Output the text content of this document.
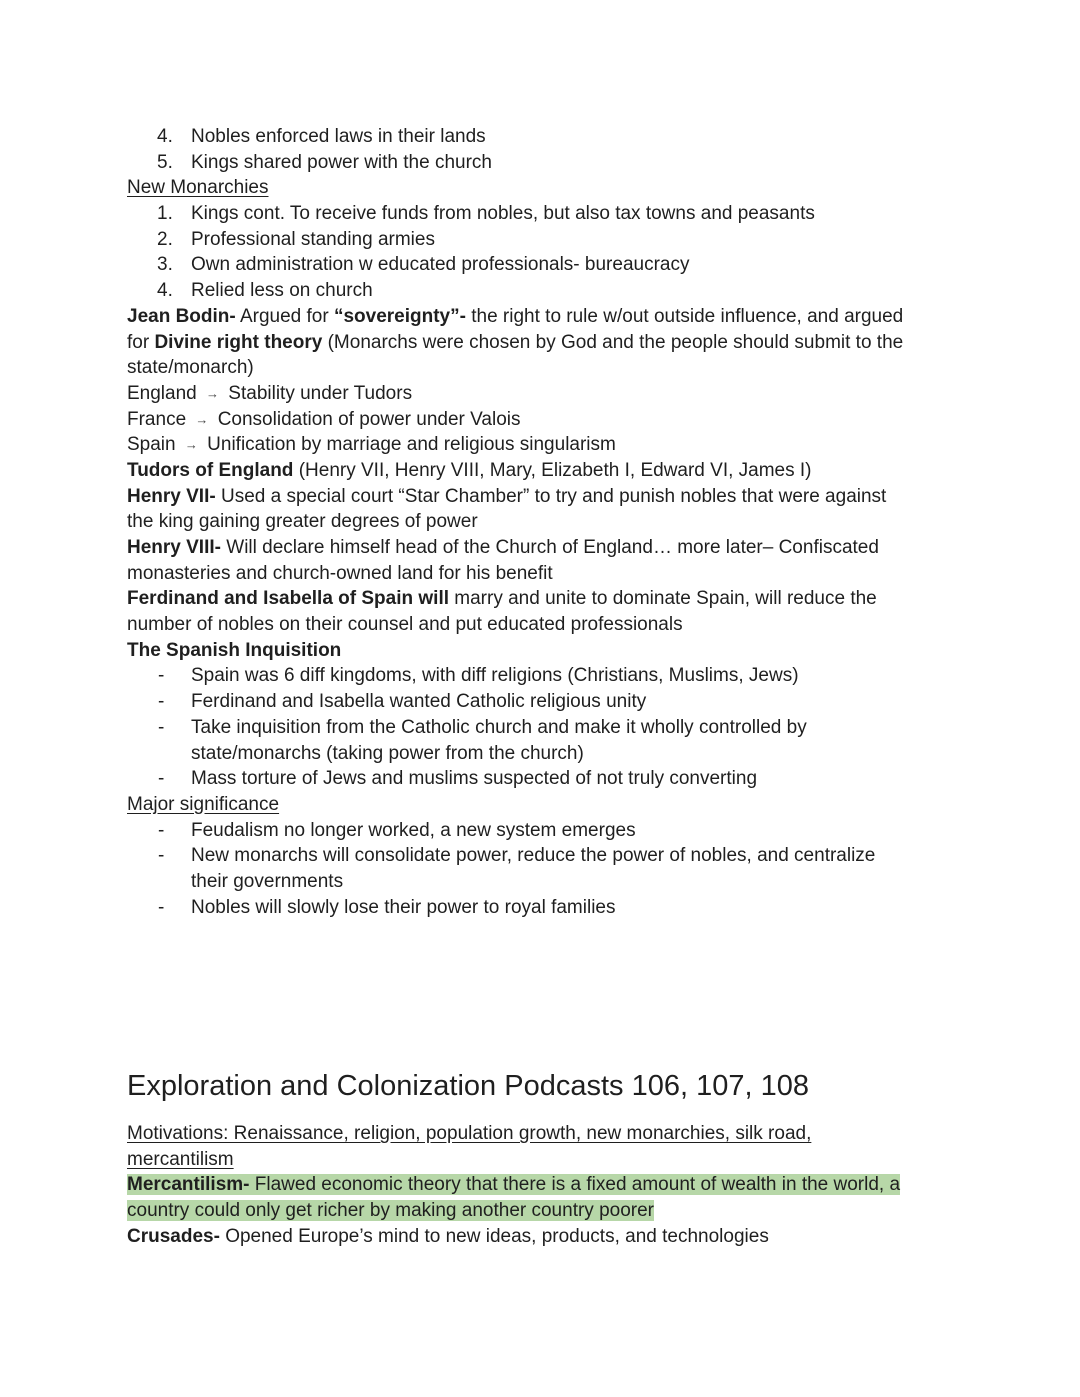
4. Nobles enforced laws in their lands
5. Kings shared power with the church
New Monarchies
1. Kings cont. To receive funds from nobles, but also tax towns and peasants
2. Professional standing armies
3. Own administration w educated professionals- bureaucracy
4. Relied less on church
Jean Bodin- Argued for “sovereignty”- the right to rule w/out outside influence, and argued
for Divine right theory (Monarchs were chosen by God and the people should submit to the
state/monarch)
England → Stability under Tudors
France → Consolidation of power under Valois
Spain → Unification by marriage and religious singularism
Tudors of England (Henry VII, Henry VIII, Mary, Elizabeth I, Edward VI, James I)
Henry VII- Used a special court “Star Chamber” to try and punish nobles that were against
the king gaining greater degrees of power
Henry VIII- Will declare himself head of the Church of England… more later– Confiscated
monasteries and church-owned land for his benefit
Ferdinand and Isabella of Spain will marry and unite to dominate Spain, will reduce the
number of nobles on their counsel and put educated professionals
The Spanish Inquisition
- Spain was 6 diff kingdoms, with diff religions (Christians, Muslims, Jews)
- Ferdinand and Isabella wanted Catholic religious unity
- Take inquisition from the Catholic church and make it wholly controlled by
state/monarchs (taking power from the church)
- Mass torture of Jews and muslims suspected of not truly converting
Major significance
- Feudalism no longer worked, a new system emerges
- New monarchs will consolidate power, reduce the power of nobles, and centralize
their governments
- Nobles will slowly lose their power to royal families
Exploration and Colonization Podcasts 106, 107, 108
Motivations: Renaissance, religion, population growth, new monarchies, silk road,
mercantilism
Mercantilism- Flawed economic theory that there is a fixed amount of wealth in the world, a
country could only get richer by making another country poorer
Crusades- Opened Europe’s mind to new ideas, products, and technologies
